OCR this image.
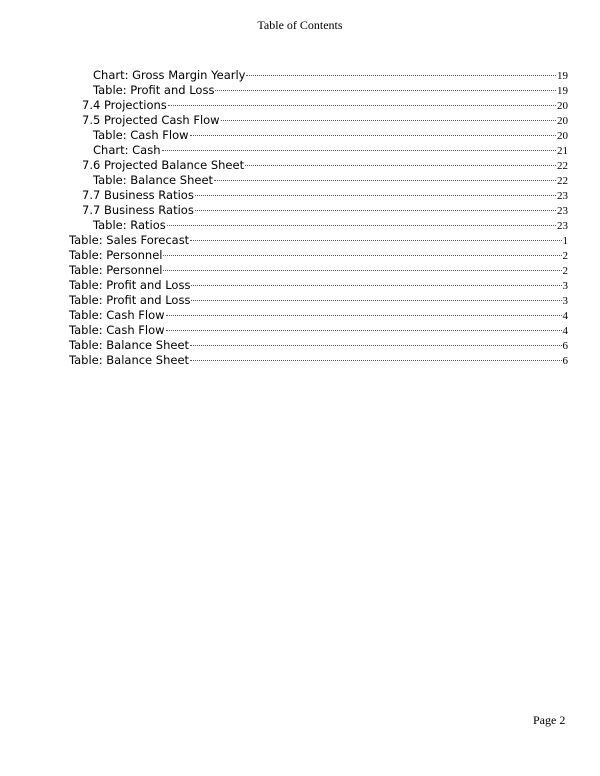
Table of Contents
Chart: Gross Margin Yearly	19
Table: Profit and Loss	19
7.4 Projections	20
7.5 Projected Cash Flow	20
Table: Cash Flow	20
Chart: Cash	21
7.6 Projected Balance Sheet	22
Table: Balance Sheet	22
7.7 Business Ratios	23
7.7 Business Ratios	23
Table: Ratios	23
Table: Sales Forecast	1
Table: Personnel	2
Table: Personnel	2
Table: Profit and Loss	3
Table: Profit and Loss	3
Table: Cash Flow	4
Table: Cash Flow	4
Table: Balance Sheet	6
Table: Balance Sheet	6
Page 2
